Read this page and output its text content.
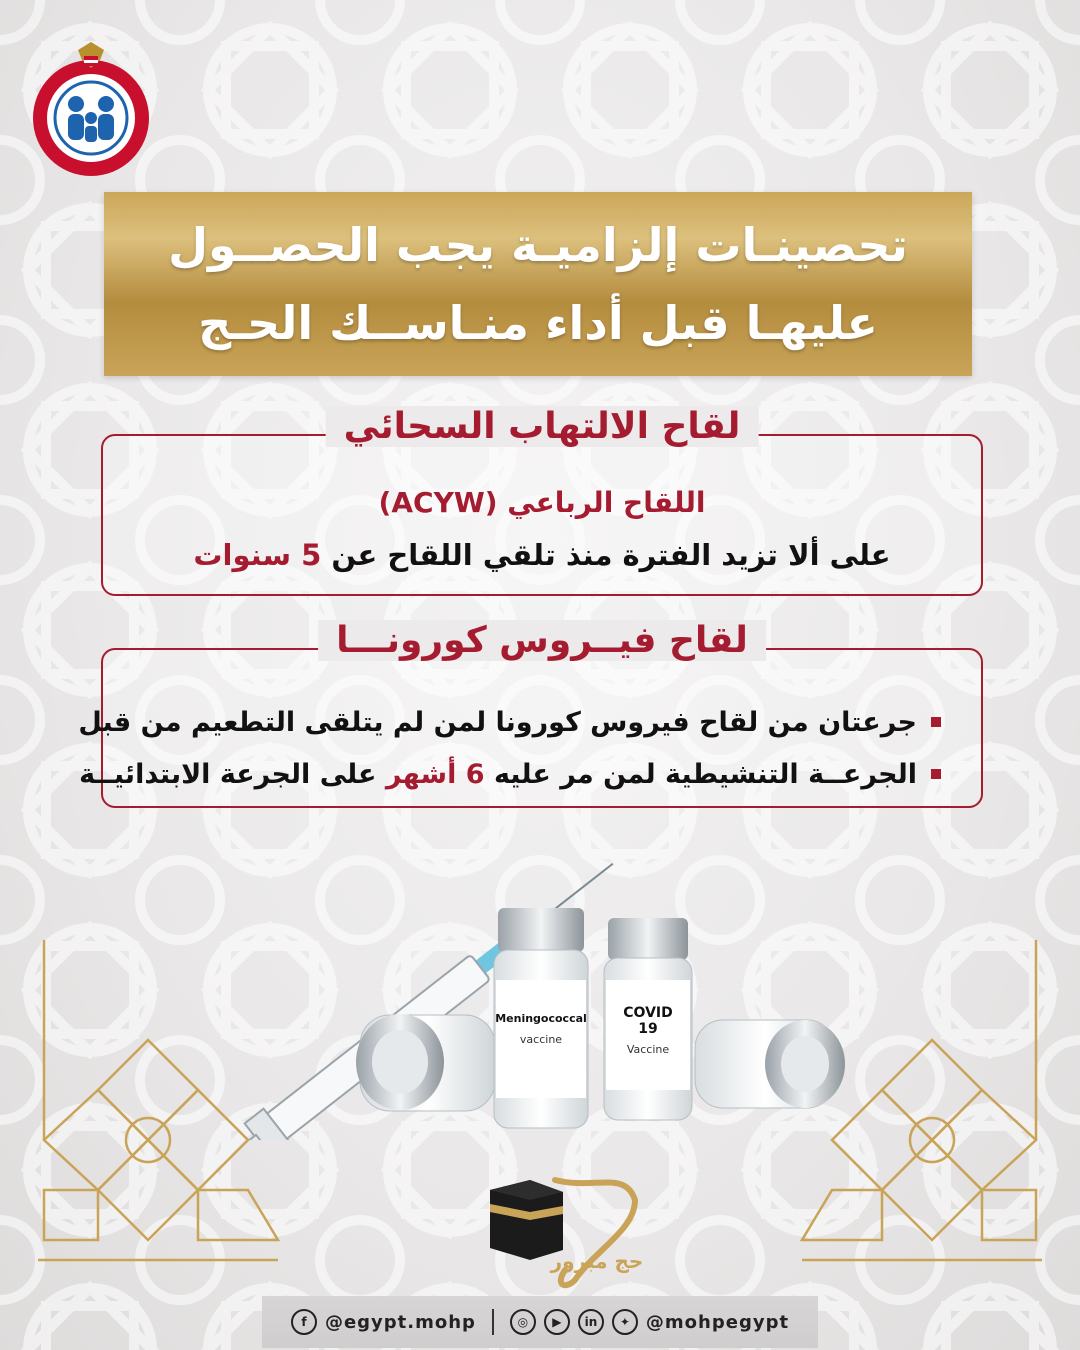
تحصينـات إلزاميـة يجب الحصــول
عليهـا قبل أداء منـاســك الحـج
لقاح الالتهاب السحائي
اللقاح الرباعي (ACYW)
على ألا تزيد الفترة منذ تلقي اللقاح عن 5 سنوات
لقاح فيــروس كورونـــا
جرعتان من لقاح فيروس كورونا لمن لم يتلقى التطعيم من قبل
الجرعــة التنشيطية لمن مر عليه 6 أشهر على الجرعة الابتدائيــة
Meningococcal
vaccine
COVID
19
Vaccine
حج مبرور
f	@egypt.mohp	◎	▶	in	✦ @mohpegypt
